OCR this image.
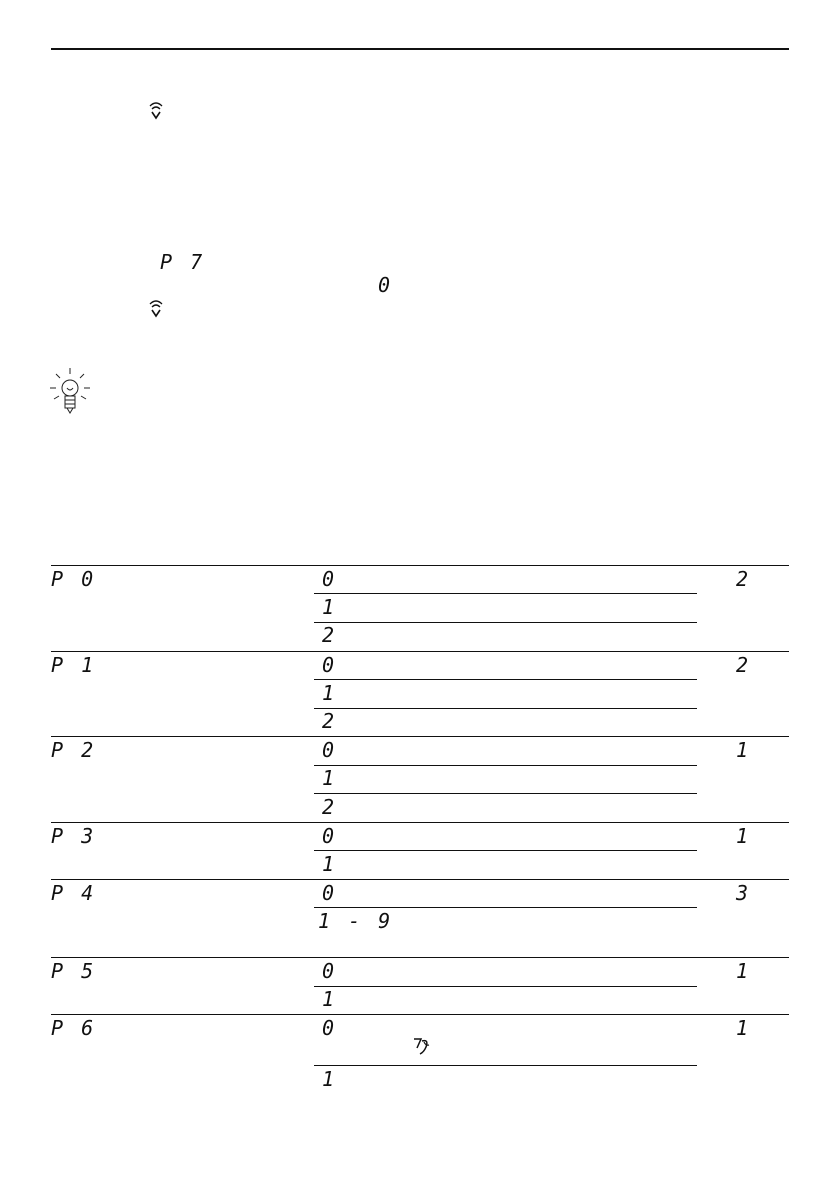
P 7
0
P 0	0	2
1
2
P 1	0	2
1
2
P 2	0	1
1
2
P 3	0	1
1
P 4	0	3
1 - 9
P 5	0	1
1
P 6	0	1
1
